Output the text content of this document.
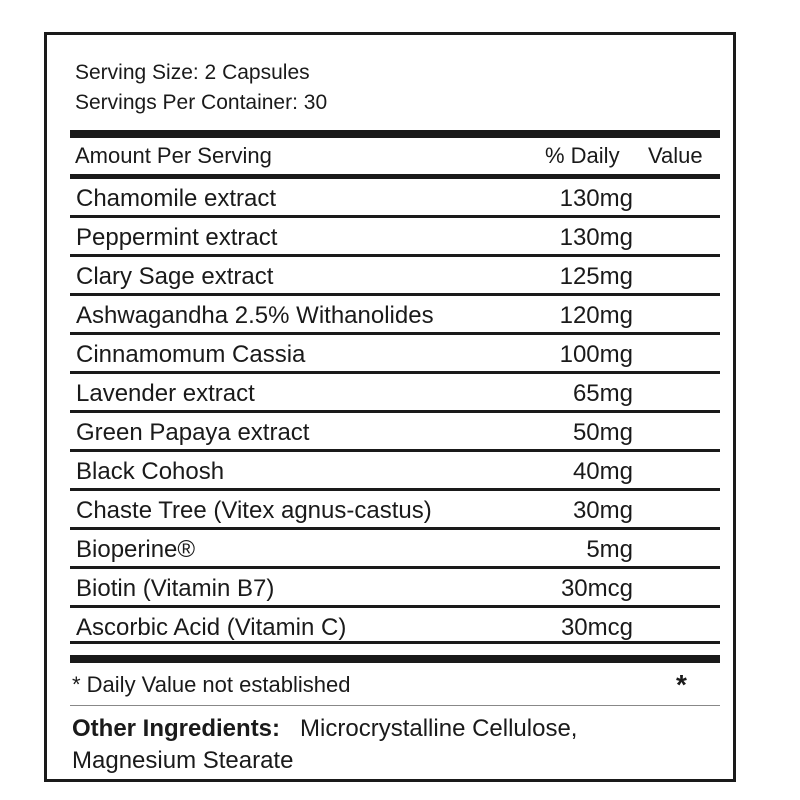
Serving Size: 2 Capsules
Servings Per Container: 30
Amount Per Serving	% Daily Value
Chamomile extract	130mg
Peppermint extract	130mg
Clary Sage extract	125mg
Ashwagandha 2.5% Withanolides	120mg
Cinnamomum Cassia	100mg
Lavender extract	65mg
Green Papaya extract	50mg
Black Cohosh	40mg
Chaste Tree (Vitex agnus-castus)	30mg
Bioperine®	5mg
Biotin (Vitamin B7)	30mcg
Ascorbic Acid (Vitamin C)	30mcg
* Daily Value not established	*
Other Ingredients: Microcrystalline Cellulose, Magnesium Stearate
